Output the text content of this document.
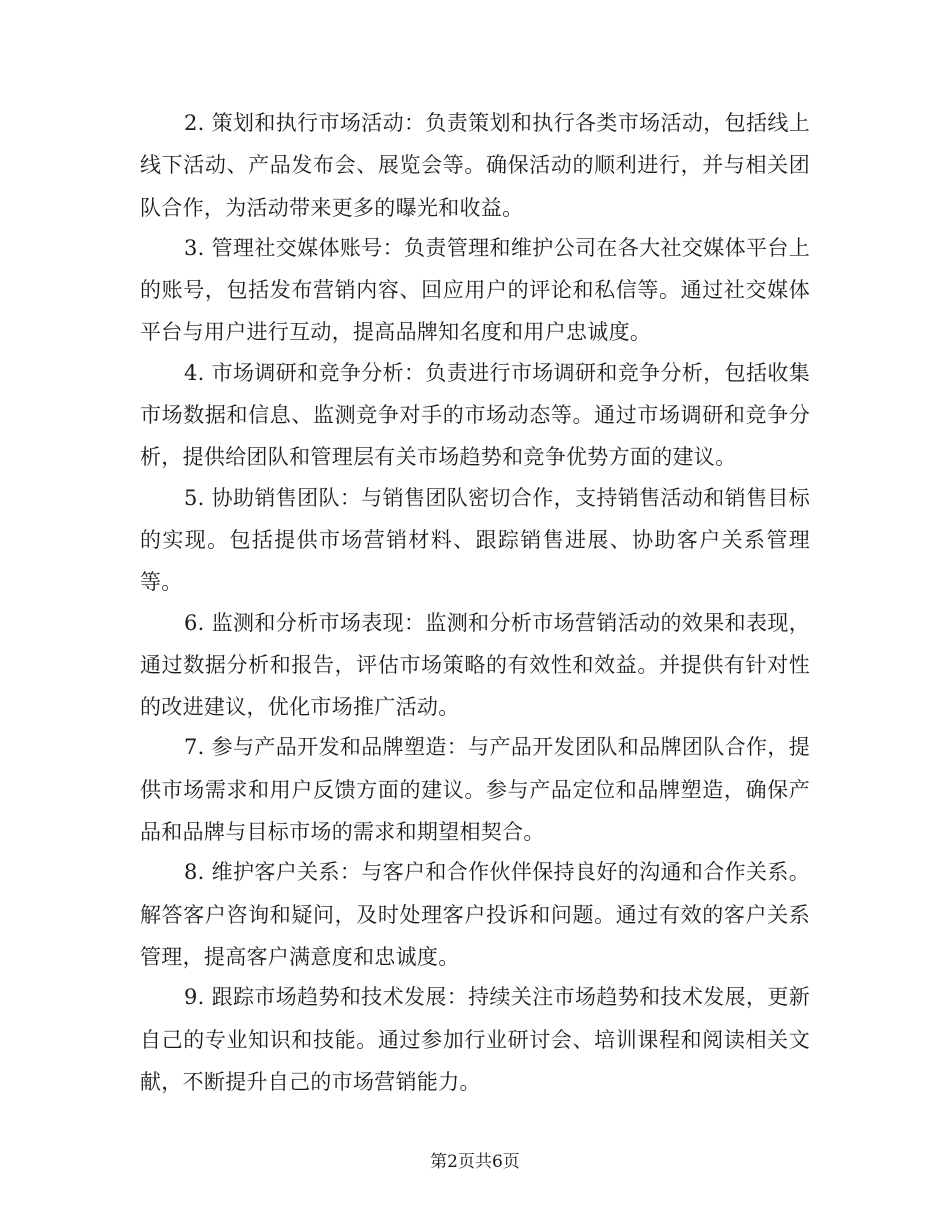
2. 策划和执行市场活动：负责策划和执行各类市场活动，包括线上线下活动、产品发布会、展览会等。确保活动的顺利进行，并与相关团队合作，为活动带来更多的曝光和收益。

3. 管理社交媒体账号：负责管理和维护公司在各大社交媒体平台上的账号，包括发布营销内容、回应用户的评论和私信等。通过社交媒体平台与用户进行互动，提高品牌知名度和用户忠诚度。

4. 市场调研和竞争分析：负责进行市场调研和竞争分析，包括收集市场数据和信息、监测竞争对手的市场动态等。通过市场调研和竞争分析，提供给团队和管理层有关市场趋势和竞争优势方面的建议。

5. 协助销售团队：与销售团队密切合作，支持销售活动和销售目标的实现。包括提供市场营销材料、跟踪销售进展、协助客户关系管理等。

6. 监测和分析市场表现：监测和分析市场营销活动的效果和表现，通过数据分析和报告，评估市场策略的有效性和效益。并提供有针对性的改进建议，优化市场推广活动。

7. 参与产品开发和品牌塑造：与产品开发团队和品牌团队合作，提供市场需求和用户反馈方面的建议。参与产品定位和品牌塑造，确保产品和品牌与目标市场的需求和期望相契合。

8. 维护客户关系：与客户和合作伙伴保持良好的沟通和合作关系。解答客户咨询和疑问，及时处理客户投诉和问题。通过有效的客户关系管理，提高客户满意度和忠诚度。

9. 跟踪市场趋势和技术发展：持续关注市场趋势和技术发展，更新自己的专业知识和技能。通过参加行业研讨会、培训课程和阅读相关文献，不断提升自己的市场营销能力。

第2页共6页
